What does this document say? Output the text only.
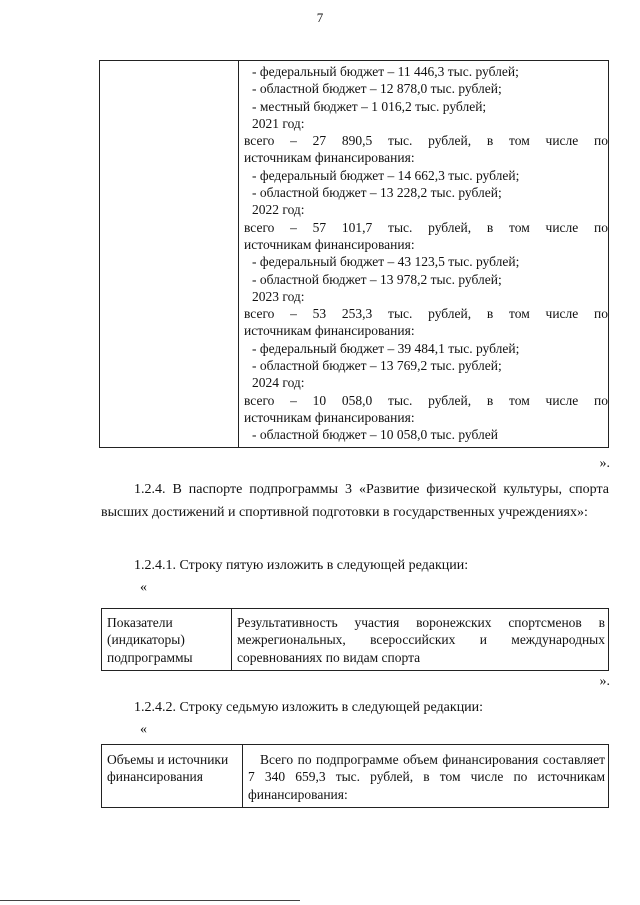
7

- федеральный бюджет – 11 446,3 тыс. рублей;
- областной бюджет – 12 878,0 тыс. рублей;
- местный бюджет – 1 016,2 тыс. рублей;
2021 год:
всего – 27 890,5 тыс. рублей, в том числе по
источникам финансирования:
- федеральный бюджет – 14 662,3 тыс. рублей;
- областной бюджет – 13 228,2 тыс. рублей;
2022 год:
всего – 57 101,7 тыс. рублей, в том числе по
источникам финансирования:
- федеральный бюджет – 43 123,5 тыс. рублей;
- областной бюджет – 13 978,2 тыс. рублей;
2023 год:
всего – 53 253,3 тыс. рублей, в том числе по
источникам финансирования:
- федеральный бюджет – 39 484,1 тыс. рублей;
- областной бюджет – 13 769,2 тыс. рублей;
2024 год:
всего – 10 058,0 тыс. рублей, в том числе по
источникам финансирования:
- областной бюджет – 10 058,0 тыс. рублей
».

1.2.4. В паспорте подпрограммы 3 «Развитие физической культуры, спорта высших достижений и спортивной подготовки в государственных учреждениях»:

1.2.4.1. Строку пятую изложить в следующей редакции:

«
Показатели (индикаторы) подпрограммы	Результативность участия воронежских спортсменов в межрегиональных, всероссийских и международных соревнованиях по видам спорта
».

1.2.4.2. Строку седьмую изложить в следующей редакции:

«
Объемы и источники финансирования	Всего по подпрограмме объем финансирования составляет 7 340 659,3 тыс. рублей, в том числе по источникам финансирования:
